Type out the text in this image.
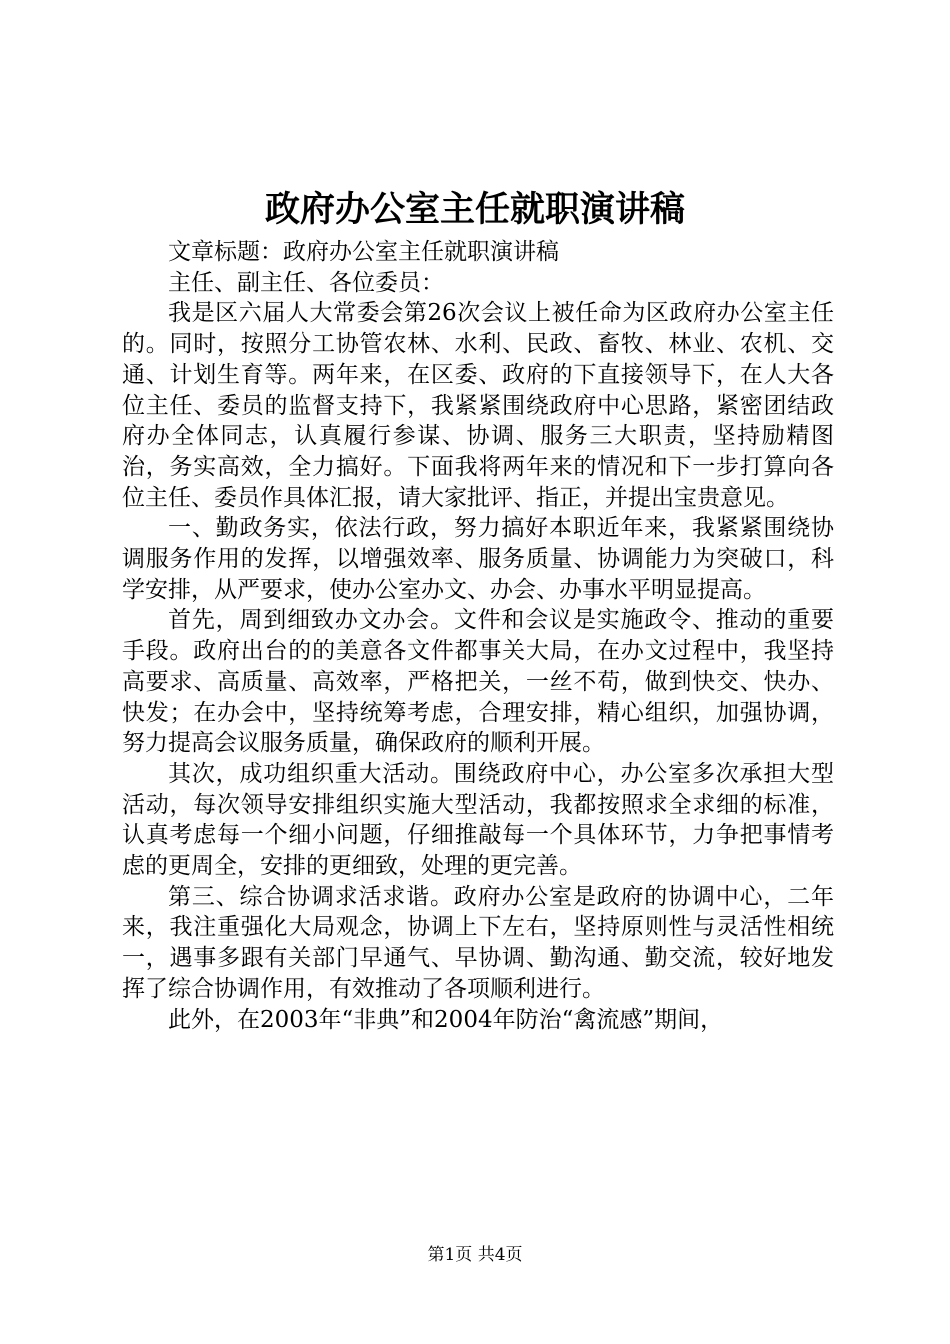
政府办公室主任就职演讲稿

文章标题：政府办公室主任就职演讲稿

主任、副主任、各位委员：

我是区六届人大常委会第26次会议上被任命为区政府办公室主任的。同时，按照分工协管农林、水利、民政、畜牧、林业、农机、交通、计划生育等。两年来，在区委、政府的下直接领导下，在人大各位主任、委员的监督支持下，我紧紧围绕政府中心思路，紧密团结政府办全体同志，认真履行参谋、协调、服务三大职责，坚持励精图治，务实高效，全力搞好。下面我将两年来的情况和下一步打算向各位主任、委员作具体汇报，请大家批评、指正，并提出宝贵意见。

一、勤政务实，依法行政，努力搞好本职近年来，我紧紧围绕协调服务作用的发挥，以增强效率、服务质量、协调能力为突破口，科学安排，从严要求，使办公室办文、办会、办事水平明显提高。

首先，周到细致办文办会。文件和会议是实施政令、推动的重要手段。政府出台的的美意各文件都事关大局，在办文过程中，我坚持高要求、高质量、高效率，严格把关，一丝不苟，做到快交、快办、快发；在办会中，坚持统筹考虑，合理安排，精心组织，加强协调，努力提高会议服务质量，确保政府的顺利开展。

其次，成功组织重大活动。围绕政府中心，办公室多次承担大型活动，每次领导安排组织实施大型活动，我都按照求全求细的标准，认真考虑每一个细小问题，仔细推敲每一个具体环节，力争把事情考虑的更周全，安排的更细致，处理的更完善。

第三、综合协调求活求谐。政府办公室是政府的协调中心，二年来，我注重强化大局观念，协调上下左右，坚持原则性与灵活性相统一，遇事多跟有关部门早通气、早协调、勤沟通、勤交流，较好地发挥了综合协调作用，有效推动了各项顺利进行。

此外，在2003年“非典”和2004年防治“禽流感”期间，

第1页 共4页
